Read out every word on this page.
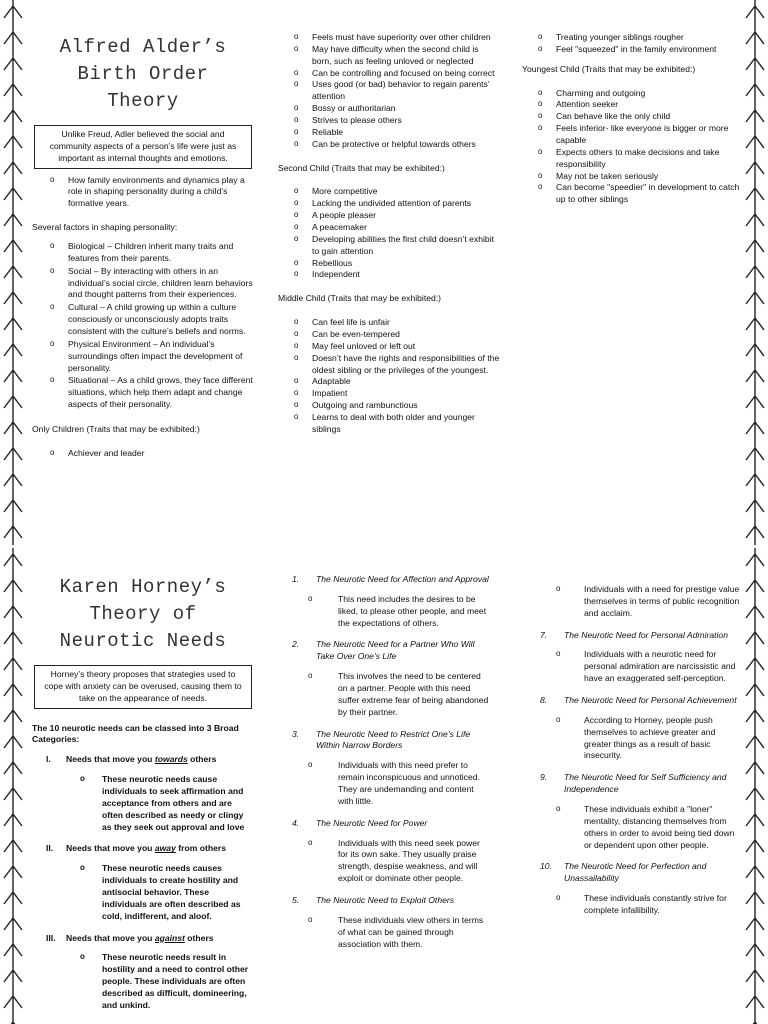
Alfred Alder’s
Birth Order
Theory
Unlike Freud, Adler believed the social and community aspects of a person’s life were just as important as internal thoughts and emotions.
o How family environments and dynamics play a role in shaping personality during a child’s formative years.

Several factors in shaping personality:

o Biological – Children inherit many traits and features from their parents.
o Social – By interacting with others in an individual’s social circle, children learn behaviors and thought patterns from their experiences.
o Cultural – A child growing up within a culture consciously or unconsciously adopts traits consistent with the culture’s beliefs and norms.
o Physical Environment – An individual’s surroundings often impact the development of personality.
o Situational – As a child grows, they face different situations, which help them adapt and change aspects of their personality.

Only Children (Traits that may be exhibited:)

o Achiever and leader
o Feels must have superiority over other children
o May have difficulty when the second child is born, such as feeling unloved or neglected
o Can be controlling and focused on being correct
o Uses good (or bad) behavior to regain parents’ attention
o Bossy or authoritarian
o Strives to please others
o Reliable
o Can be protective or helpful towards others

Second Child (Traits that may be exhibited:)

o More competitive
o Lacking the undivided attention of parents
o A people pleaser
o A peacemaker
o Developing abilities the first child doesn’t exhibit to gain attention
o Rebellious
o Independent

Middle Child (Traits that may be exhibited:)

o Can feel life is unfair
o Can be even-tempered
o May feel unloved or left out
o Doesn’t have the rights and responsibilities of the oldest sibling or the privileges of the youngest.
o Adaptable
o Impatient
o Outgoing and rambunctious
o Learns to deal with both older and younger siblings
o Treating younger siblings rougher
o Feel "squeezed" in the family environment

Youngest Child (Traits that may be exhibited:)

o Charming and outgoing
o Attention seeker
o Can behave like the only child
o Feels inferior- like everyone is bigger or more capable
o Expects others to make decisions and take responsibility
o May not be taken seriously
o Can become "speedier" in development to catch up to other siblings
Karen Horney’s
Theory of
Neurotic Needs
Horney’s theory proposes that strategies used to cope with anxiety can be overused, causing them to take on the appearance of needs.

The 10 neurotic needs can be classed into 3 Broad Categories:

I. Needs that move you towards others

o These neurotic needs cause individuals to seek affirmation and acceptance from others and are often described as needy or clingy as they seek out approval and love

II. Needs that move you away from others

o These neurotic needs causes individuals to create hostility and antisocial behavior. These individuals are often described as cold, indifferent, and aloof.

III. Needs that move you against others

o These neurotic needs result in hostility and a need to control other people. These individuals are often described as difficult, domineering, and unkind.

1. The Neurotic Need for Affection and Approval

o This need includes the desires to be liked, to please other people, and meet the expectations of others.

2. The Neurotic Need for a Partner Who Will Take Over One’s Life

o This involves the need to be centered on a partner. People with this need suffer extreme fear of being abandoned by their partner.

3. The Neurotic Need to Restrict One’s Life Within Narrow Borders

o Individuals with this need prefer to remain inconspicuous and unnoticed. They are undemanding and content with little.

4. The Neurotic Need for Power

o Individuals with this need seek power for its own sake. They usually praise strength, despise weakness, and will exploit or dominate other people.

5. The Neurotic Need to Exploit Others

o These individuals view others in terms of what can be gained through association with them.

o Individuals with a need for prestige value themselves in terms of public recognition and acclaim.

7. The Neurotic Need for Personal Admiration

o Individuals with a neurotic need for personal admiration are narcissistic and have an exaggerated self-perception.

8. The Neurotic Need for Personal Achievement

o According to Horney, people push themselves to achieve greater and greater things as a result of basic insecurity.

9. The Neurotic Need for Self Sufficiency and Independence

o These individuals exhibit a "loner" mentality, distancing themselves from others in order to avoid being tied down or dependent upon other people.

10. The Neurotic Need for Perfection and Unassailability

o These individuals constantly strive for complete infallibility.
